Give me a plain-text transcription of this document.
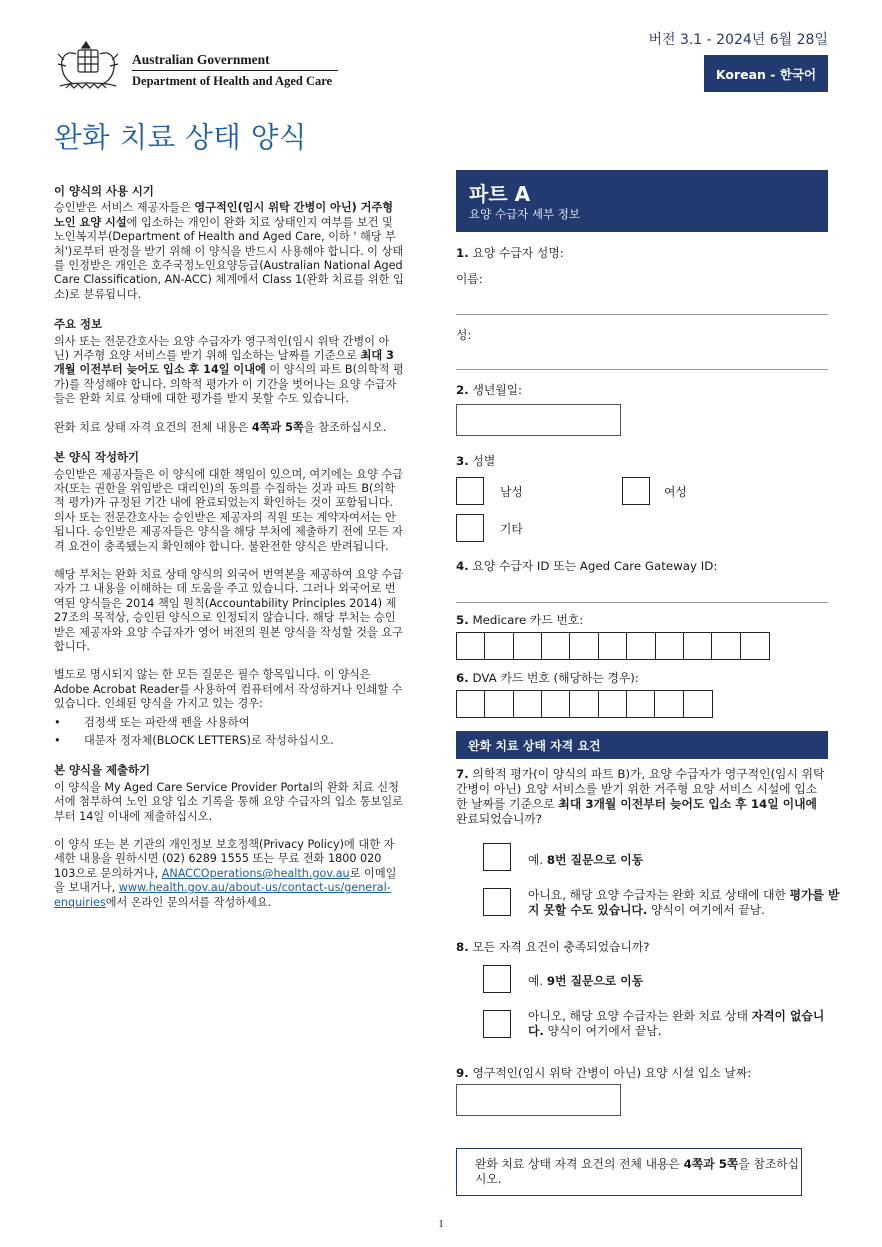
Australian Government
Department of Health and Aged Care
버전 3.1 - 2024년 6월 28일
Korean - 한국어
완화 치료 상태 양식
이 양식의 사용 시기

승인받은 서비스 제공자들은 영구적인(임시 위탁 간병이 아닌) 거주형 노인 요양 시설에 입소하는 개인이 완화 치료 상태인지 여부를 보건 및 노인복지부(Department of Health and Aged Care, 이하 ' 해당 부처')로부터 판정을 받기 위해 이 양식을 반드시 사용해야 합니다. 이 상태를 인정받은 개인은 호주국정노인요양등급(Australian National Aged Care Classification, AN-ACC) 체계에서 Class 1(완화 치료를 위한 입소)로 분류됩니다.

주요 정보

의사 또는 전문간호사는 요양 수급자가 영구적인(임시 위탁 간병이 아닌) 거주형 요양 서비스를 받기 위해 입소하는 날짜를 기준으로 최대 3개월 이전부터 늦어도 입소 후 14일 이내에 이 양식의 파트 B(의학적 평가)를 작성해야 합니다. 의학적 평가가 이 기간을 벗어나는 요양 수급자들은 완화 치료 상태에 대한 평가를 받지 못할 수도 있습니다.

완화 치료 상태 자격 요건의 전체 내용은 4쪽과 5쪽을 참조하십시오.

본 양식 작성하기

승인받은 제공자들은 이 양식에 대한 책임이 있으며, 여기에는 요양 수급자(또는 권한을 위임받은 대리인)의 동의를 수집하는 것과 파트 B(의학적 평가)가 규정된 기간 내에 완료되었는지 확인하는 것이 포함됩니다. 의사 또는 전문간호사는 승인받은 제공자의 직원 또는 계약자여서는 안 됩니다. 승인받은 제공자들은 양식을 해당 부처에 제출하기 전에 모든 자격 요건이 충족됐는지 확인해야 합니다. 불완전한 양식은 반려됩니다.

해당 부처는 완화 치료 상태 양식의 외국어 번역본을 제공하여 요양 수급자가 그 내용을 이해하는 데 도움을 주고 있습니다. 그러나 외국어로 번역된 양식들은 2014 책임 원칙(Accountability Principles 2014) 제27조의 목적상, 승인된 양식으로 인정되지 않습니다. 해당 부처는 승인받은 제공자와 요양 수급자가 영어 버전의 원본 양식을 작성할 것을 요구합니다.

별도로 명시되지 않는 한 모든 질문은 필수 항목입니다. 이 양식은 Adobe Acrobat Reader를 사용하여 컴퓨터에서 작성하거나 인쇄할 수 있습니다. 인쇄된 양식을 가지고 있는 경우:

• 검정색 또는 파란색 펜을 사용하여
• 대문자 정자체(BLOCK LETTERS)로 작성하십시오.
본 양식을 제출하기

이 양식을 My Aged Care Service Provider Portal의 완화 치료 신청서에 첨부하여 노인 요양 입소 기록을 통해 요양 수급자의 입소 통보일로부터 14일 이내에 제출하십시오.

이 양식 또는 본 기관의 개인정보 보호정책(Privacy Policy)에 대한 자세한 내용을 원하시면 (02) 6289 1555 또는 무료 전화 1800 020 103으로 문의하거나, ANACCOperations@health.gov.au로 이메일을 보내거나, www.health.gov.au/about-us/contact-us/general-enquiries에서 온라인 문의서를 작성하세요.

파트 A
요양 수급자 세부 정보
1. 요양 수급자 성명:
이름:
성:
2. 생년월일:
3. 성별
남성	여성
기타
4. 요양 수급자 ID 또는 Aged Care Gateway ID:
5. Medicare 카드 번호:
6. DVA 카드 번호 (해당하는 경우):
완화 치료 상태 자격 요건
7. 의학적 평가(이 양식의 파트 B)가, 요양 수급자가 영구적인(임시 위탁 간병이 아닌) 요양 서비스를 받기 위한 거주형 요양 서비스 시설에 입소한 날짜를 기준으로 최대 3개월 이전부터 늦어도 입소 후 14일 이내에 완료되었습니까?
예. 8번 질문으로 이동
아니요, 해당 요양 수급자는 완화 치료 상태에 대한 평가를 받지 못할 수도 있습니다. 양식이 여기에서 끝남.
8. 모든 자격 요건이 충족되었습니까?
예. 9번 질문으로 이동
아니오, 해당 요양 수급자는 완화 치료 상태 자격이 없습니다. 양식이 여기에서 끝남.
9. 영구적인(임시 위탁 간병이 아닌) 요양 시설 입소 날짜:
완화 치료 상태 자격 요건의 전체 내용은 4쪽과 5쪽을 참조하십시오.
1
